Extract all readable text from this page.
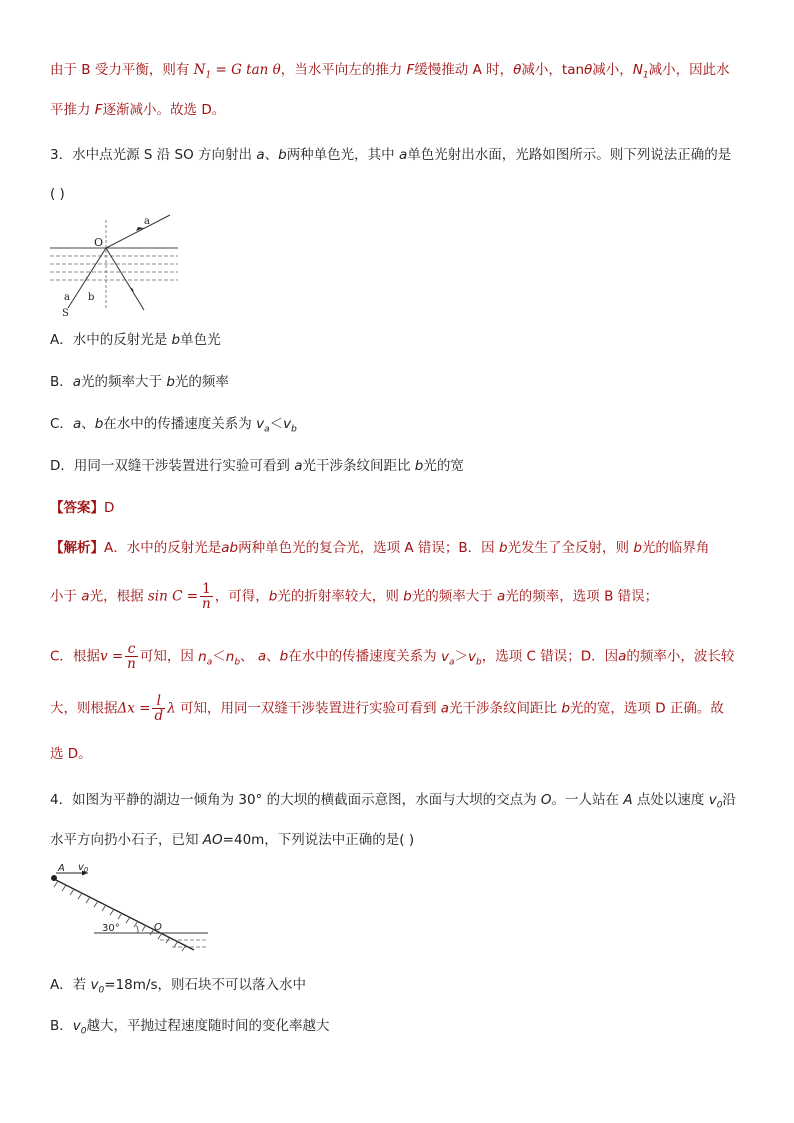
由于 B 受力平衡，则有 $N_1 = G$ tan θ，当水平向左的推力 F缓慢推动 A 时，θ减小，tanθ减小，$N_1$减小，因此水
平推力 F逐渐减小。故选 D。
3．水中点光源 S 沿 SO 方向射出 a、b两种单色光，其中 a单色光射出水面，光路如图所示。则下列说法正确的是
( )
O
a
a b
S
A．水中的反射光是 b单色光
B．a光的频率大于 b光的频率
C．a、b在水中的传播速度关系为 $v_a<v_b$
D．用同一双缝干涉装置进行实验可看到 a光干涉条纹间距比 b光的宽
【答案】D
【解析】A．水中的反射光是ab两种单色光的复合光，选项 A 错误；B．因 b光发生了全反射，则 b光的临界角
小于 a光，根据 $\sin C = \frac{1}{n}$ ，可得，b光的折射率较大，则 b光的频率大于 a光的频率，选项 B 错误；
C．根据$v = \frac{c}{n}$ 可知，因 $n_a<n_b$、 a、b在水中的传播速度关系为 $v_a>v_b$，选项 C 错误；D．因a的频率小，波长较
大，则根据$\Delta x = \frac{l}{d}$ λ 可知，用同一双缝干涉装置进行实验可看到 a光干涉条纹间距比 b光的宽，选项 D 正确。故
选 D。
4．如图为平静的湖边一倾角为 30° 的大坝的横截面示意图，水面与大坝的交点为 O。一人站在 A 点处以速度 $v_0$沿
水平方向扔小石子，已知 AO=40m，下列说法中正确的是( )
A $v_0$
30°	O
A．若 $v_0=18m/s$，则石块不可以落入水中
B．$v_0$越大，平抛过程速度随时间的变化率越大
